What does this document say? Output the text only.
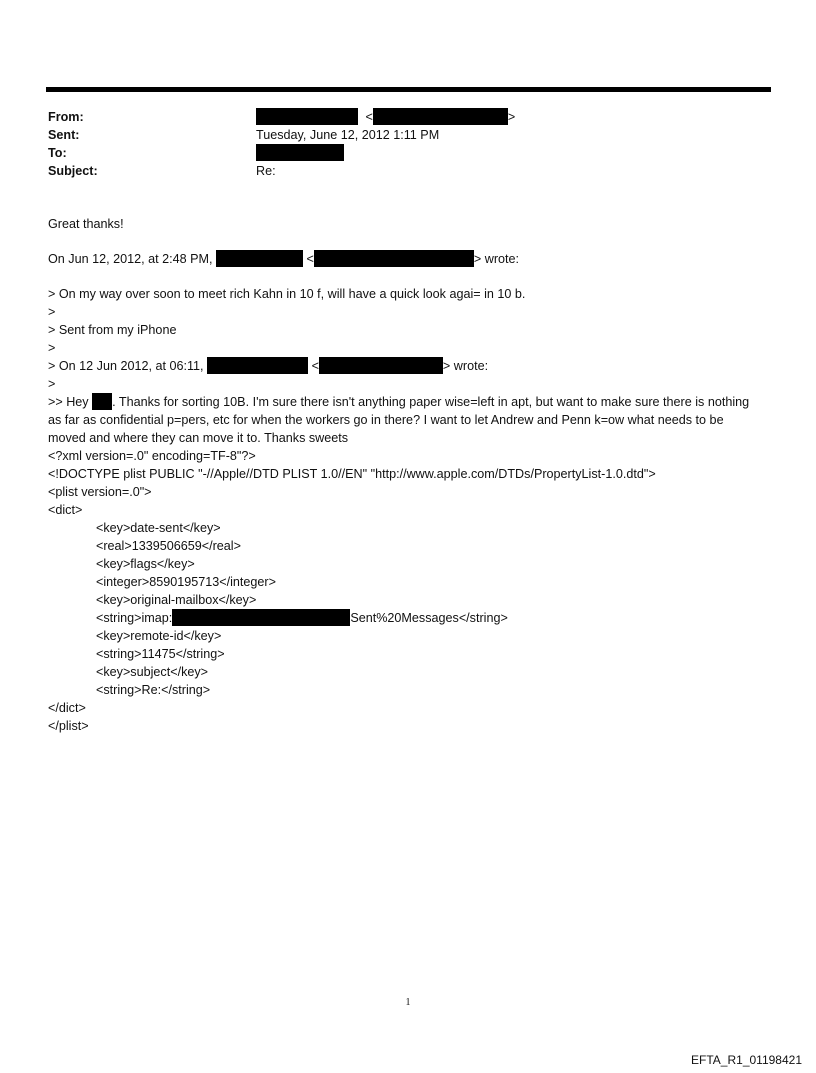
From:	<	>
Sent:	Tuesday, June 12, 2012 1:11 PM
To:
Subject:	Re:
Great thanks!
On Jun 12, 2012, at 2:48 PM,	<	> wrote:
> On my way over soon to meet rich Kahn in 10 f, will have a quick look agai= in 10 b.
>
> Sent from my iPhone
>
> On 12 Jun 2012, at 06:11,	<	> wrote:
>
>> Hey . Thanks for sorting 10B. I'm sure there isn't anything paper wise=left in apt, but want to make sure there is nothing as far as confidential p=pers, etc for when the workers go in there? I want to let Andrew and Penn k=ow what needs to be moved and where they can move it to. Thanks sweets
<?xml version=.0" encoding=TF-8"?>
<!DOCTYPE plist PUBLIC "-//Apple//DTD PLIST 1.0//EN" "http://www.apple.com/DTDs/PropertyList-1.0.dtd">
<plist version=.0">
<dict>
<key>date-sent</key>
<real>1339506659</real>
<key>flags</key>
<integer>8590195713</integer>
<key>original-mailbox</key>
<string>imap:	Sent%20Messages</string>
<key>remote-id</key>
<string>11475</string>
<key>subject</key>
<string>Re:</string>
</dict>
</plist>
1
EFTA_R1_01198421
